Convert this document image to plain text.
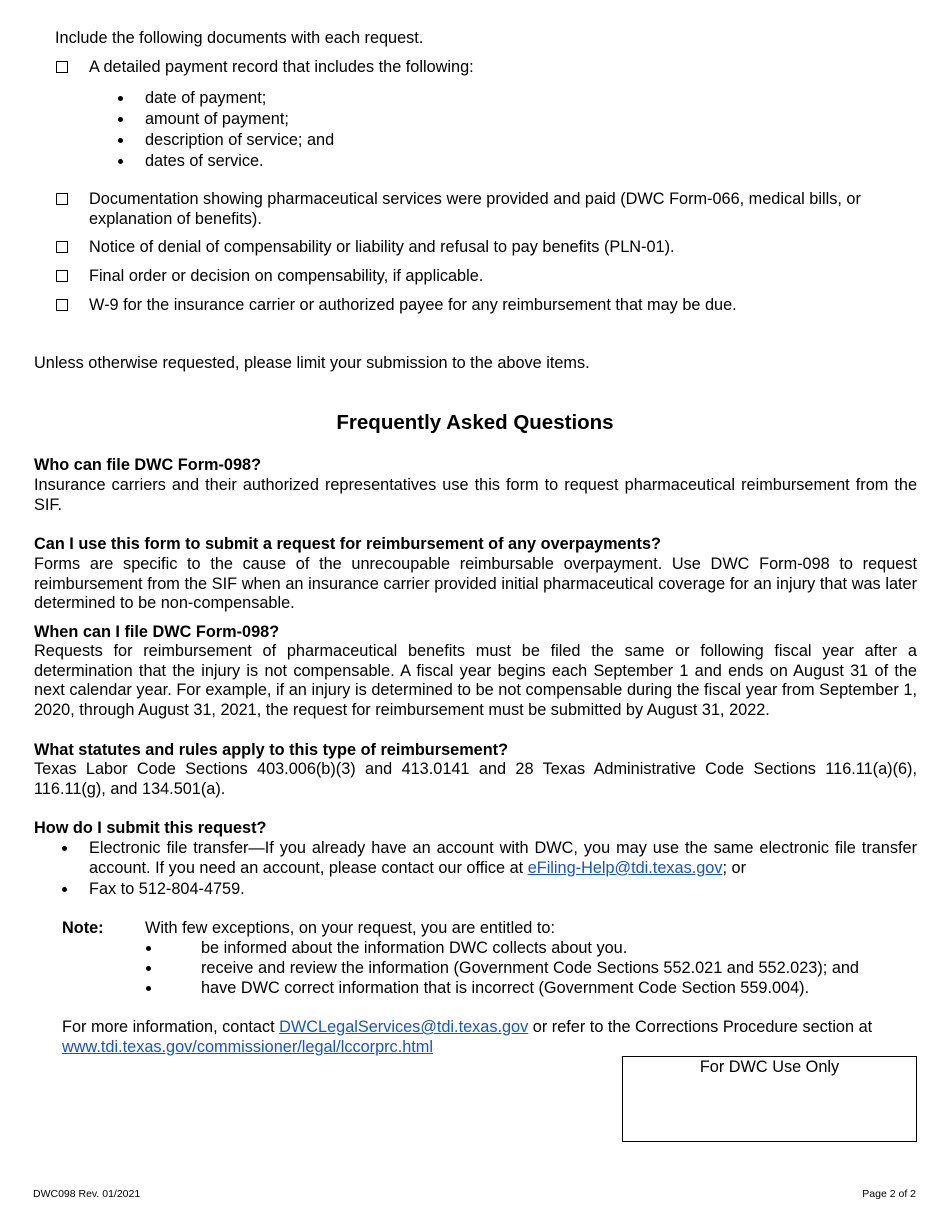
Include the following documents with each request.
A detailed payment record that includes the following:
date of payment;
amount of payment;
description of service; and
dates of service.
Documentation showing pharmaceutical services were provided and paid (DWC Form-066, medical bills, or explanation of benefits).
Notice of denial of compensability or liability and refusal to pay benefits (PLN-01).
Final order or decision on compensability, if applicable.
W-9 for the insurance carrier or authorized payee for any reimbursement that may be due.
Unless otherwise requested, please limit your submission to the above items.
Frequently Asked Questions
Who can file DWC Form-098?
Insurance carriers and their authorized representatives use this form to request pharmaceutical reimbursement from the SIF.
Can I use this form to submit a request for reimbursement of any overpayments?
Forms are specific to the cause of the unrecoupable reimbursable overpayment. Use DWC Form-098 to request reimbursement from the SIF when an insurance carrier provided initial pharmaceutical coverage for an injury that was later determined to be non-compensable.
When can I file DWC Form-098?
Requests for reimbursement of pharmaceutical benefits must be filed the same or following fiscal year after a determination that the injury is not compensable. A fiscal year begins each September 1 and ends on August 31 of the next calendar year. For example, if an injury is determined to be not compensable during the fiscal year from September 1, 2020, through August 31, 2021, the request for reimbursement must be submitted by August 31, 2022.
What statutes and rules apply to this type of reimbursement?
Texas Labor Code Sections 403.006(b)(3) and 413.0141 and 28 Texas Administrative Code Sections 116.11(a)(6), 116.11(g), and 134.501(a).
How do I submit this request?
Electronic file transfer—If you already have an account with DWC, you may use the same electronic file transfer account. If you need an account, please contact our office at eFiling-Help@tdi.texas.gov; or
Fax to 512-804-4759.
Note:	With few exceptions, on your request, you are entitled to:
be informed about the information DWC collects about you.
receive and review the information (Government Code Sections 552.021 and 552.023); and
have DWC correct information that is incorrect (Government Code Section 559.004).
For more information, contact DWCLegalServices@tdi.texas.gov or refer to the Corrections Procedure section at
www.tdi.texas.gov/commissioner/legal/lccorprc.html
For DWC Use Only
DWC098 Rev. 01/2021	Page 2 of 2
